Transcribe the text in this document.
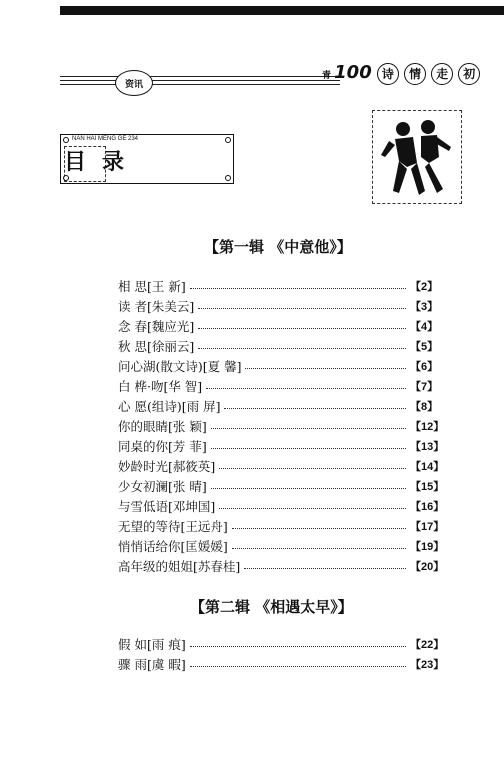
资讯
青 100 诗 情 走 初
NAN HAI MENG GE 234
目录
【第一辑 《中意他》】
相 思[王 新]	【2】
读 者[朱美云]	【3】
念 春[魏应光]	【4】
秋 思[徐丽云]	【5】
问心湖(散文诗)[夏 馨]	【6】
白 桦·吻[华 智]	【7】
心 愿(组诗)[雨 屏]	【8】
你的眼睛[张 颖]	【12】
同桌的你[芳 菲]	【13】
妙龄时光[郝筱英]	【14】
少女初澜[张 晴]	【15】
与雪低语[邓坤国]	【16】
无望的等待[王远舟]	【17】
悄悄话给你[匡媛媛]	【19】
高年级的姐姐[苏春桂]	【20】
【第二辑 《相遇太早》】
假 如[雨 痕]	【22】
骤 雨[虞 暇]	【23】
